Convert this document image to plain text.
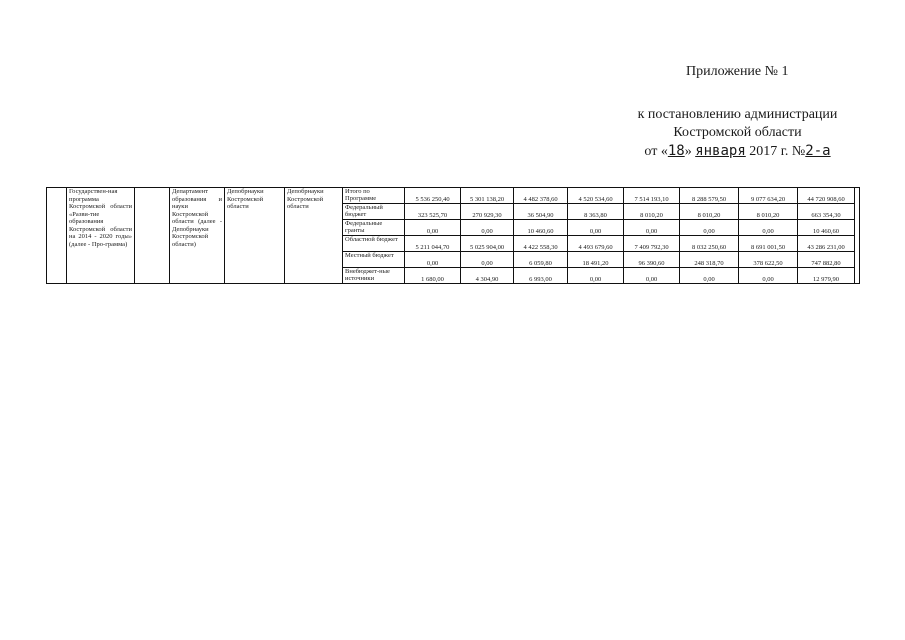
Приложение № 1
к постановлению администрации
Костромской области
от «18» января 2017 г. №2-а
	Государствен-ная программа Костромской области «Разви-тие образования Костромской области на 2014 - 2020 годы» (далее - Про-грамма)		Департамент образования и науки Костромской области (далее - Депобрнауки Костромской области)	Депобрнауки Костромской области	Депобрнауки Костромской области	Итого по Программе	5 536 250,40	5 301 138,20	4 482 378,60	4 520 534,60	7 514 193,10	8 288 579,50	9 077 634,20	44 720 908,60	
						Федеральный бюджет	323 525,70	270 929,30	36 504,90	8 363,80	8 010,20	8 010,20	8 010,20	663 354,30	
						Федеральные гранты	0,00	0,00	10 460,60	0,00	0,00	0,00	0,00	10 460,60	
						Областной бюджет	5 211 044,70	5 025 904,00	4 422 558,30	4 493 679,60	7 409 792,30	8 032 250,60	8 691 001,50	43 286 231,00	
						Местный бюджет	0,00	0,00	6 059,80	18 491,20	96 390,60	248 318,70	378 622,50	747 882,80	
						Внебюджет-ные источники	1 680,00	4 304,90	6 993,00	0,00	0,00	0,00	0,00	12 979,90	
